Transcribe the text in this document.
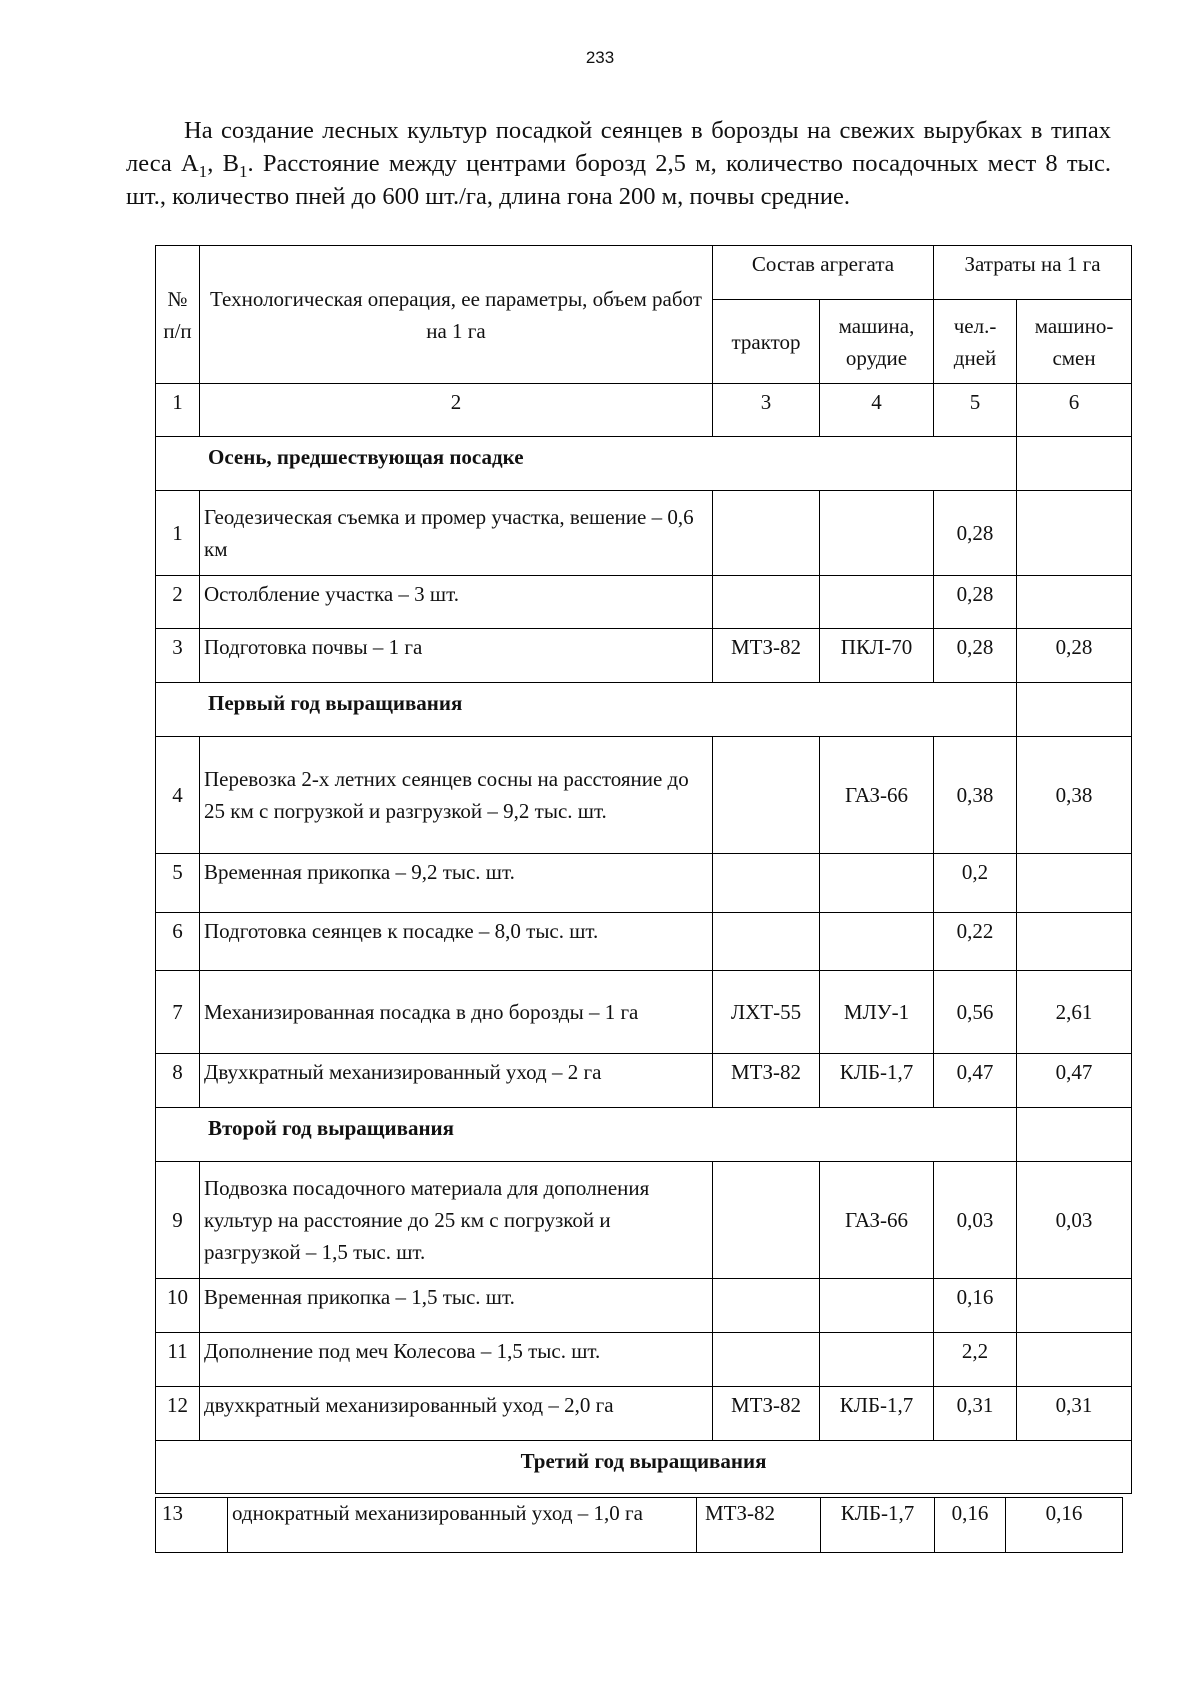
233

На создание лесных культур посадкой сеянцев в борозды на свежих вырубках в типах леса $А_1$, $В_1$. Расстояние между центрами борозд 2,5 м, количество посадочных мест 8 тыс. шт., количество пней до 600 шт./га, длина гона 200 м, почвы средние.

№ п/п	Технологическая операция, ее параметры, объем работ на 1 га	Состав агрегата		Затраты на 1 га	
		трактор	машина, орудие	чел.- дней	машино- смен
1	2	3	4	5	6
Осень, предшествующая посадке					
1	Геодезическая съемка и промер участка, вешение – 0,6 км			0,28	
2	Остолбление участка – 3 шт.			0,28	
3	Подготовка почвы – 1 га	МТЗ-82	ПКЛ-70	0,28	0,28
Первый год выращивания					
4	Перевозка 2-х летних сеянцев сосны на расстояние до 25 км с погрузкой и разгрузкой – 9,2 тыс. шт.		ГАЗ-66	0,38	0,38
5	Временная прикопка – 9,2 тыс. шт.			0,2	
6	Подготовка сеянцев к посадке – 8,0 тыс. шт.			0,22	
7	Механизированная посадка в дно борозды – 1 га	ЛХТ-55	МЛУ-1	0,56	2,61
8	Двухкратный механизированный уход – 2 га	МТЗ-82	КЛБ-1,7	0,47	0,47
Второй год выращивания					
9	Подвозка посадочного материала для дополнения культур на расстояние до 25 км с погрузкой и разгрузкой – 1,5 тыс. шт.		ГАЗ-66	0,03	0,03
10	Временная прикопка – 1,5 тыс. шт.			0,16	
11	Дополнение под меч Колесова – 1,5 тыс. шт.			2,2	
12	двухкратный механизированный уход – 2,0 га	МТЗ-82	КЛБ-1,7	0,31	0,31
Третий год выращивания					
13	однократный механизированный уход – 1,0 га	МТЗ-82	КЛБ-1,7	0,16	0,16
